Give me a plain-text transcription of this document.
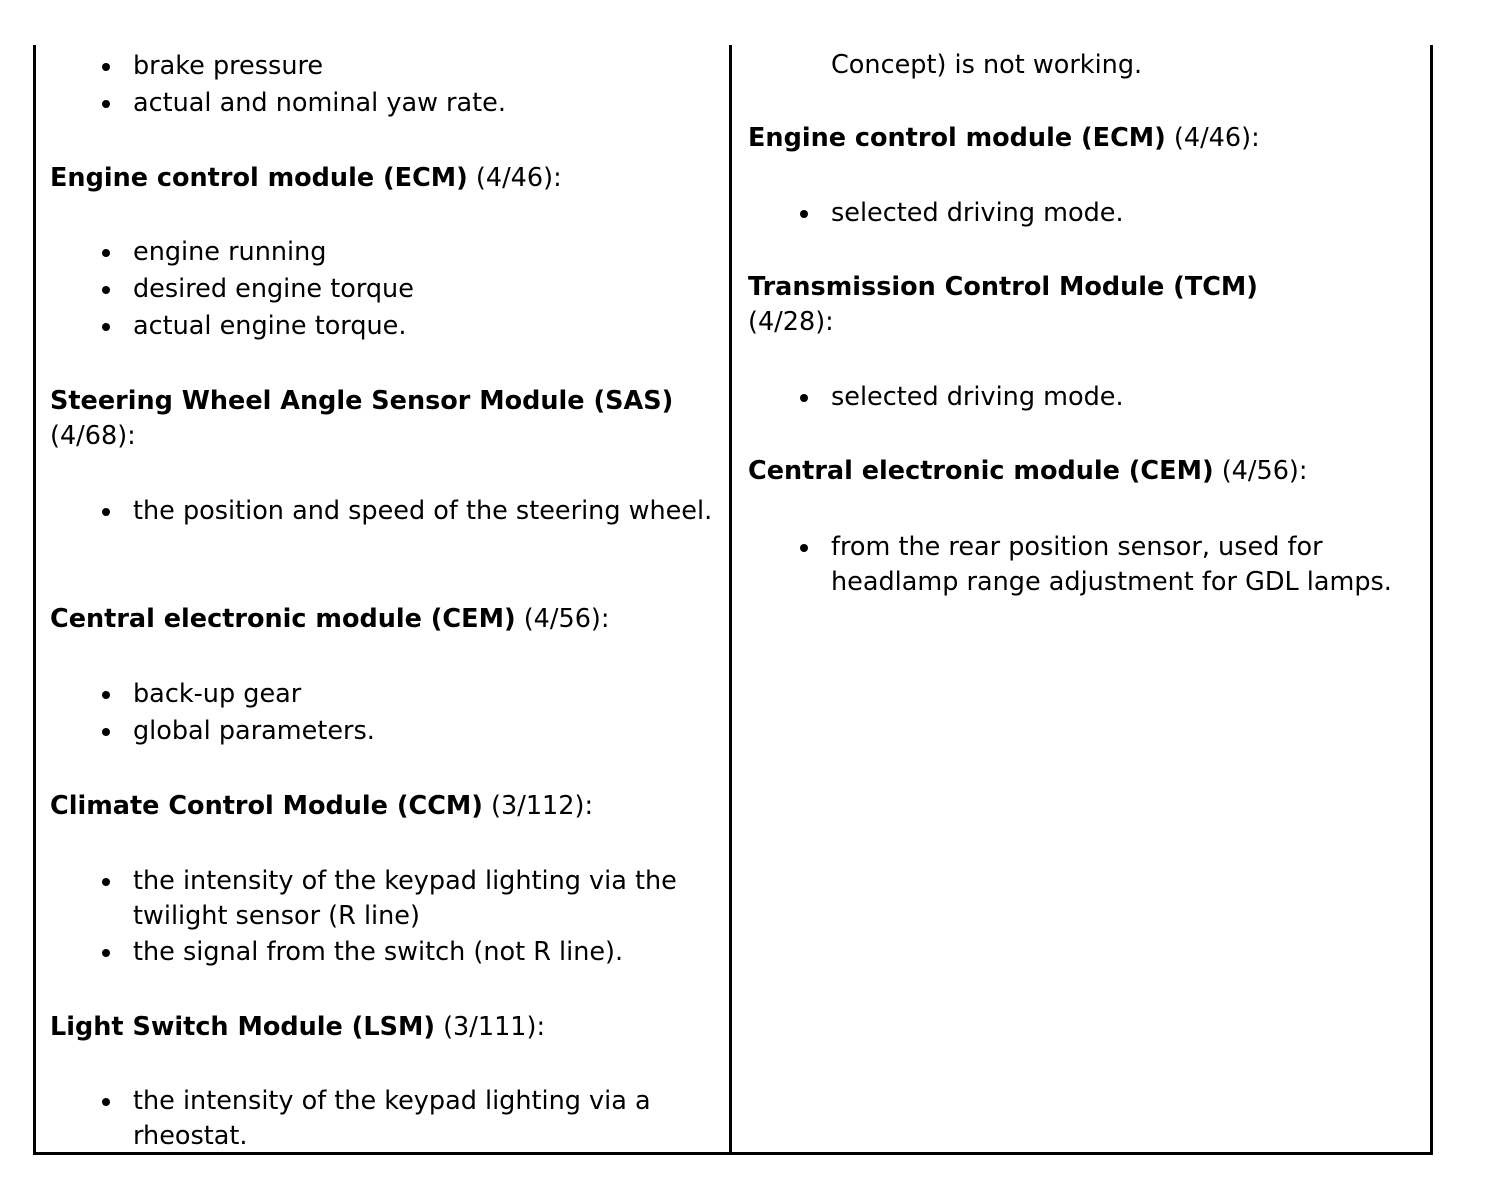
brake pressure
actual and nominal yaw rate.
Engine control module (ECM) (4/46):
engine running
desired engine torque
actual engine torque.
Steering Wheel Angle Sensor Module (SAS) (4/68):
the position and speed of the steering wheel.
Central electronic module (CEM) (4/56):
back-up gear
global parameters.
Climate Control Module (CCM) (3/112):
the intensity of the keypad lighting via the twilight sensor (R line)
the signal from the switch (not R line).
Light Switch Module (LSM) (3/111):
the intensity of the keypad lighting via a rheostat.
Concept) is not working.
Engine control module (ECM) (4/46):
selected driving mode.
Transmission Control Module (TCM)
(4/28):
selected driving mode.
Central electronic module (CEM) (4/56):
from the rear position sensor, used for headlamp range adjustment for GDL lamps.
